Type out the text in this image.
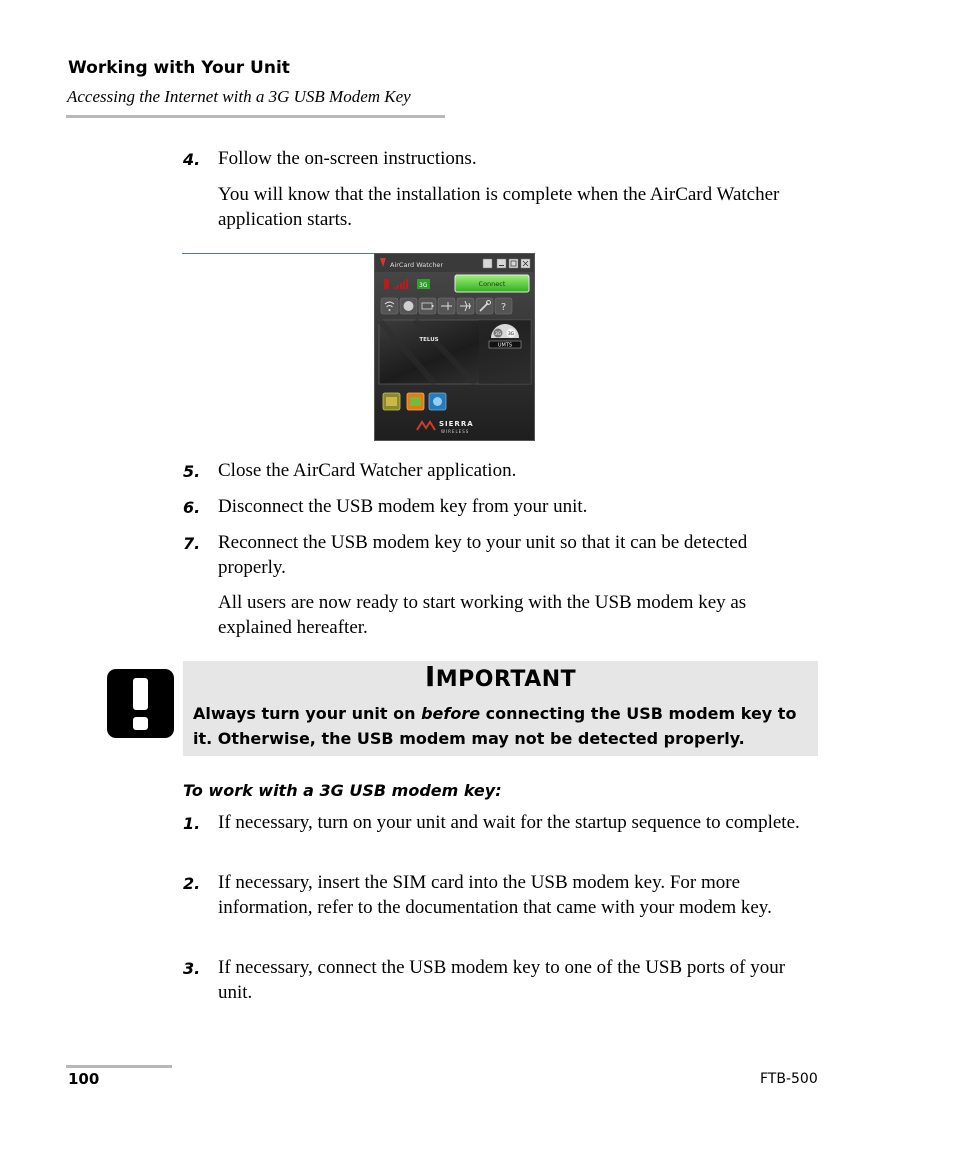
Working with Your Unit
Accessing the Internet with a 3G USB Modem Key
4. Follow the on-screen instructions.
You will know that the installation is complete when the AirCard Watcher application starts.
AirCard Watcher
3G	Connect
?
TELUS
3G 3G
UMTS
SIERRA
WIRELESS
5. Close the AirCard Watcher application.
6. Disconnect the USB modem key from your unit.
7. Reconnect the USB modem key to your unit so that it can be detected properly.
All users are now ready to start working with the USB modem key as explained hereafter.
IMPORTANT
Always turn your unit on before connecting the USB modem key to it. Otherwise, the USB modem may not be detected properly.
To work with a 3G USB modem key:
1. If necessary, turn on your unit and wait for the startup sequence to complete.
2. If necessary, insert the SIM card into the USB modem key. For more information, refer to the documentation that came with your modem key.
3. If necessary, connect the USB modem key to one of the USB ports of your unit.
100	FTB-500
